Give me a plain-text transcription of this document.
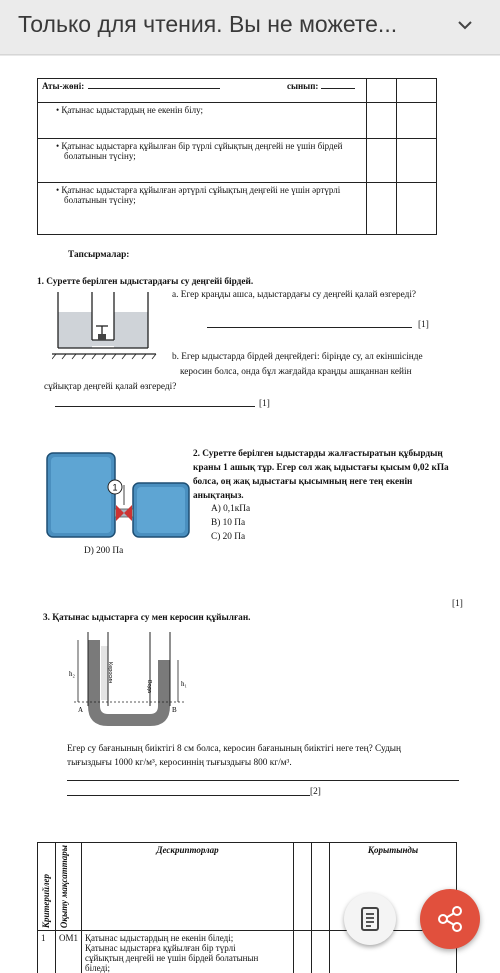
Только для чтения. Вы не можете...
Аты-жөні: сынып:		
• Қатынас ыдыстардың не екенін білу;		

• Қатынас ыдыстарға құйылған бір түрлі сұйықтың деңгейі не үшін бірдей
болатынын түсіну;		

• Қатынас ыдыстарға құйылған әртүрлі сұйықтың деңгейі не үшін әртүрлі
болатынын түсіну;		

Тапсырмалар:
1. Суретте берілген ыдыстардағы су деңгейі бірдей.
a. Егер краңды ашса, ыдыстардағы су деңгейі қалай өзгереді?
[1]
b. Егер ыдыстарда бірдей деңгейдегі: біріңде су, ал екіншісінде
керосин болса, онда бұл жағдайда краңды ашқаннан кейін
сұйықтар деңгейі қалай өзгереді?
[1]
1
2. Суретте берілген ыдыстарды жалғастыратын құбырдың
краны 1 ашық тұр. Егер сол жақ ыдыстағы қысым 0,02 кПа
болса, оң жақ ыдыстағы қысымның неге тең екенін
анықтаңыз.
A) 0,1кПа
B) 10 Па
C) 20 Па
D) 200 Па
[1]
3. Қатынас ыдыстарға су мен керосин құйылған.
h₂
h₁
Керосин
Вода
A	B
Егер су бағанының биіктігі 8 см болса, керосин бағанының биіктігі неге тең? Судың
тығыздығы 1000 кг/м³, керосиннің тығыздығы 800 кг/м³.
[2]
Критерийлер	Оқыту мақсаттары	Дескрипторлар			Қорытынды
1	OM1	Қатынас ыдыстардың не екенін біледі;
Қатынас ыдыстарға құйылған бір түрлі
сұйықтың деңгейі не үшін бірдей болатынын
біледі;			
